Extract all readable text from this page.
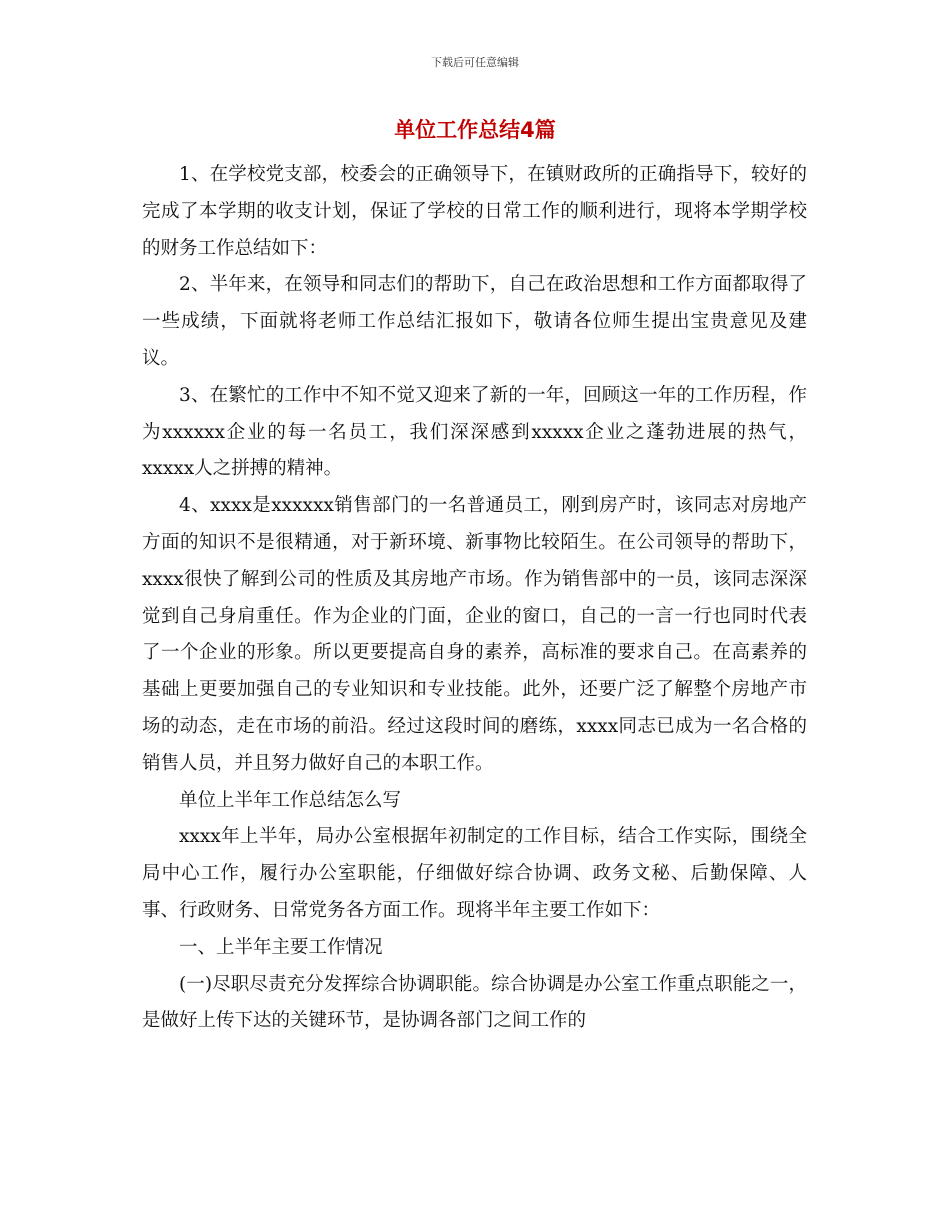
下载后可任意编辑
单位工作总结4篇

1、在学校党支部，校委会的正确领导下，在镇财政所的正确指导下，较好的完成了本学期的收支计划，保证了学校的日常工作的顺利进行，现将本学期学校的财务工作总结如下：

2、半年来，在领导和同志们的帮助下，自己在政治思想和工作方面都取得了一些成绩，下面就将老师工作总结汇报如下，敬请各位师生提出宝贵意见及建议。

3、在繁忙的工作中不知不觉又迎来了新的一年，回顾这一年的工作历程，作为xxxxxx企业的每一名员工，我们深深感到xxxxx企业之蓬勃进展的热气，xxxxx人之拼搏的精神。

4、xxxx是xxxxxx销售部门的一名普通员工，刚到房产时，该同志对房地产方面的知识不是很精通，对于新环境、新事物比较陌生。在公司领导的帮助下，xxxx很快了解到公司的性质及其房地产市场。作为销售部中的一员，该同志深深觉到自己身肩重任。作为企业的门面，企业的窗口，自己的一言一行也同时代表了一个企业的形象。所以更要提高自身的素养，高标准的要求自己。在高素养的基础上更要加强自己的专业知识和专业技能。此外，还要广泛了解整个房地产市场的动态，走在市场的前沿。经过这段时间的磨练，xxxx同志已成为一名合格的销售人员，并且努力做好自己的本职工作。

单位上半年工作总结怎么写

xxxx年上半年，局办公室根据年初制定的工作目标，结合工作实际，围绕全局中心工作，履行办公室职能，仔细做好综合协调、政务文秘、后勤保障、人事、行政财务、日常党务各方面工作。现将半年主要工作如下：

一、上半年主要工作情况

(一)尽职尽责充分发挥综合协调职能。综合协调是办公室工作重点职能之一，是做好上传下达的关键环节，是协调各部门之间工作的
